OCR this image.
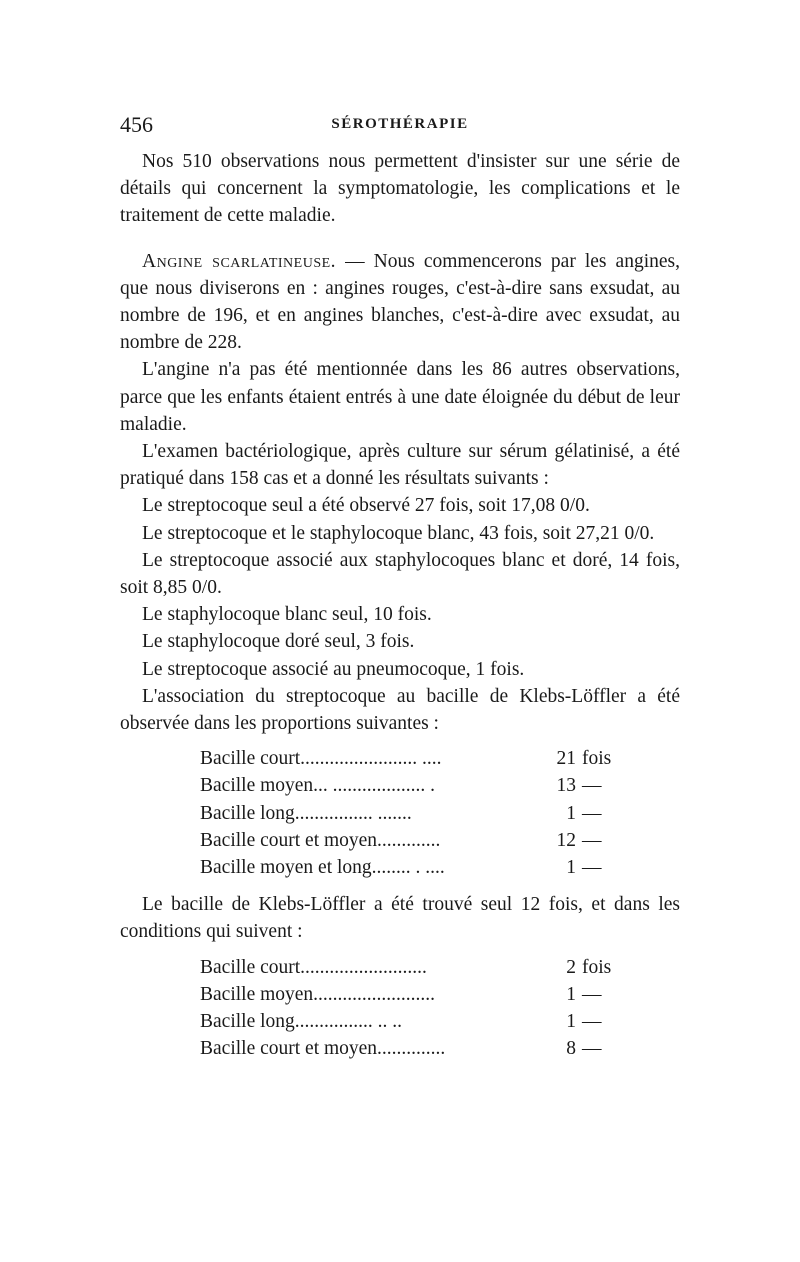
456	SÉROTHÉRAPIE

Nos 510 observations nous permettent d'insister sur une série de détails qui concernent la symptomatologie, les complications et le traitement de cette maladie.

Angine scarlatineuse. — Nous commencerons par les angines, que nous diviserons en : angines rouges, c'est-à-dire sans exsudat, au nombre de 196, et en angines blanches, c'est-à-dire avec exsudat, au nombre de 228.

L'angine n'a pas été mentionnée dans les 86 autres observations, parce que les enfants étaient entrés à une date éloignée du début de leur maladie.

L'examen bactériologique, après culture sur sérum gélatinisé, a été pratiqué dans 158 cas et a donné les résultats suivants :

Le streptocoque seul a été observé 27 fois, soit 17,08 0/0.

Le streptocoque et le staphylocoque blanc, 43 fois, soit 27,21 0/0.

Le streptocoque associé aux staphylocoques blanc et doré, 14 fois, soit 8,85 0/0.

Le staphylocoque blanc seul, 10 fois.

Le staphylocoque doré seul, 3 fois.

Le streptocoque associé au pneumocoque, 1 fois.

L'association du streptocoque au bacille de Klebs-Löffler a été observée dans les proportions suivantes :

Bacille court........................ ....	21	fois
Bacille moyen... ................... .	13	—
Bacille long................ .......	1	—
Bacille court et moyen.............	12	—
Bacille moyen et long........ . ....	1	—

Le bacille de Klebs-Löffler a été trouvé seul 12 fois, et dans les conditions qui suivent :

Bacille court..........................	2	fois
Bacille moyen.........................	1	—
Bacille long................ .. ..	1	—
Bacille court et moyen..............	8	—
